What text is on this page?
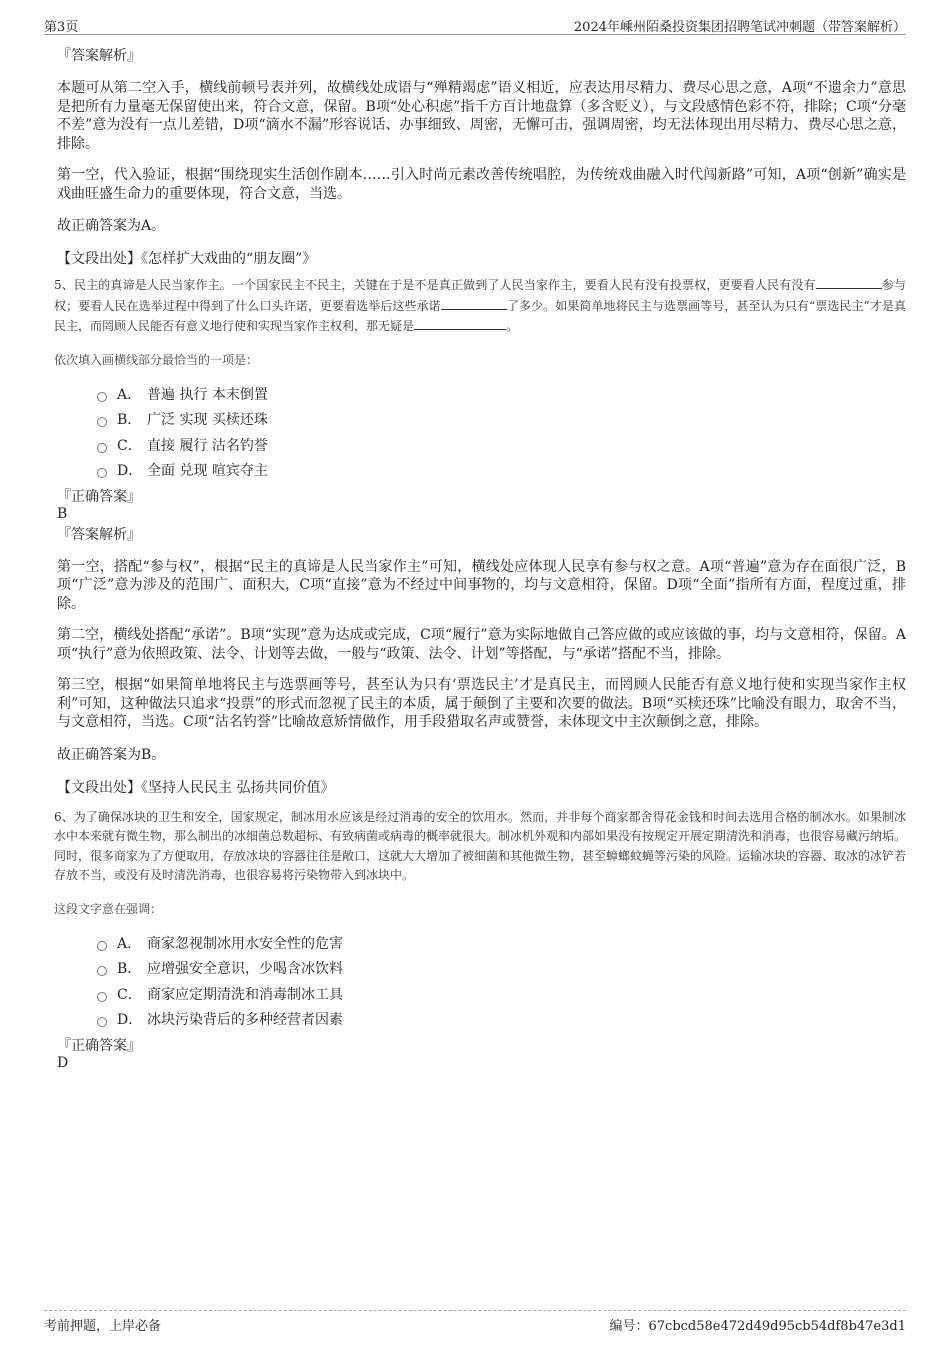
第3页	2024年嵊州陌桑投资集团招聘笔试冲刺题（带答案解析）
『答案解析』

本题可从第二空入手，横线前顿号表并列，故横线处成语与“殚精竭虑”语义相近，应表达用尽精力、费尽心思之意，A项“不遗余力”意思是把所有力量毫无保留使出来，符合文意，保留。B项“处心积虑”指千方百计地盘算（多含贬义），与文段感情色彩不符，排除；C项“分毫不差”意为没有一点儿差错，D项“滴水不漏”形容说话、办事细致、周密，无懈可击，强调周密，均无法体现出用尽精力、费尽心思之意，排除。

第一空，代入验证，根据“围绕现实生活创作剧本……引入时尚元素改善传统唱腔，为传统戏曲融入时代闯新路”可知，A项“创新”确实是戏曲旺盛生命力的重要体现，符合文意，当选。

故正确答案为A。
【文段出处】《怎样扩大戏曲的“朋友圈”》

5、民主的真谛是人民当家作主。一个国家民主不民主，关键在于是不是真正做到了人民当家作主，要看人民有没有投票权，更要看人民有没有	参与权；要看人民在选举过程中得到了什么口头许诺，更要看选举后这些承诺	了多少。如果简单地将民主与选票画等号，甚至认为只有“票选民主”才是真民主，而罔顾人民能否有意义地行使和实现当家作主权利，那无疑是	。

依次填入画横线部分最恰当的一项是：

A． 普遍 执行 本末倒置
B． 广泛 实现 买椟还珠
C． 直接 履行 沽名钓誉
D． 全面 兑现 喧宾夺主

『正确答案』

B

『答案解析』

第一空，搭配“参与权”，根据“民主的真谛是人民当家作主”可知，横线处应体现人民享有参与权之意。A项“普遍”意为存在面很广泛，B项“广泛”意为涉及的范围广、面积大，C项“直接”意为不经过中间事物的，均与文意相符，保留。D项“全面”指所有方面，程度过重，排除。

第二空，横线处搭配“承诺”。B项“实现”意为达成或完成，C项“履行”意为实际地做自己答应做的或应该做的事，均与文意相符，保留。A项“执行”意为依照政策、法令、计划等去做，一般与“政策、法令、计划”等搭配，与“承诺”搭配不当，排除。

第三空，根据“如果简单地将民主与选票画等号，甚至认为只有‘票选民主’才是真民主，而罔顾人民能否有意义地行使和实现当家作主权利”可知，这种做法只追求“投票”的形式而忽视了民主的本质，属于颠倒了主要和次要的做法。B项“买椟还珠”比喻没有眼力，取舍不当，与文意相符，当选。C项“沽名钓誉”比喻故意矫情做作，用手段猎取名声或赞誉，未体现文中主次颠倒之意，排除。

故正确答案为B。
【文段出处】《坚持人民民主 弘扬共同价值》

6、为了确保冰块的卫生和安全，国家规定，制冰用水应该是经过消毒的安全的饮用水。然而，并非每个商家都舍得花金钱和时间去选用合格的制冰水。如果制冰水中本来就有微生物，那么制出的冰细菌总数超标、有致病菌或病毒的概率就很大。制冰机外观和内部如果没有按规定开展定期清洗和消毒，也很容易藏污纳垢。同时，很多商家为了方便取用，存放冰块的容器往往是敞口，这就大大增加了被细菌和其他微生物，甚至蟑螂蚊蝇等污染的风险。运输冰块的容器、取冰的冰铲若存放不当，或没有及时清洗消毒，也很容易将污染物带入到冰块中。

这段文字意在强调：

A． 商家忽视制冰用水安全性的危害
B． 应增强安全意识，少喝含冰饮料
C． 商家应定期清洗和消毒制冰工具
D． 冰块污染背后的多种经营者因素

『正确答案』

D

考前押题，上岸必备	编号：67cbcd58e472d49d95cb54df8b47e3d1
